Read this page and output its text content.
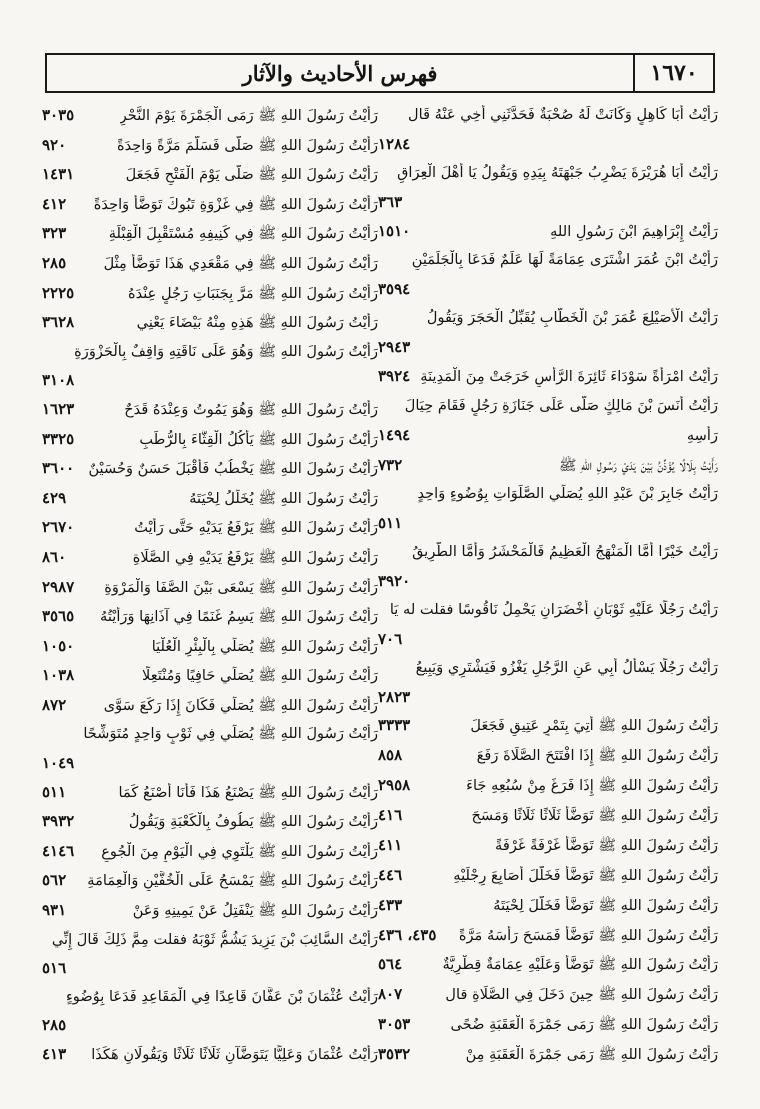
١٦٧٠
فهرس الأحاديث والآثار
رَأَيْتُ أَبَا كَاهِلٍ وَكَانَتْ لَهُ صُحْبَةٌ فَحَدَّثَنِي أَخِي عَنْهُ قَال
١٢٨٤
رَأَيْتُ أَبَا هُرَيْرَةَ يَضْرِبُ جَبْهَتَهُ بِيَدِهِ وَيَقُولُ يَا أَهْلَ الْعِرَاقِ
٣٦٣
رَأَيْتُ إِبْرَاهِيمَ ابْنَ رَسُولِ اللهِ
١٥١٠
رَأَيْتُ ابْنَ عُمَرَ اشْتَرَى عِمَامَةً لَهَا عَلَمٌ فَدَعَا بِالْجَلَمَيْنِ
٣٥٩٤
رَأَيْتُ الْأُصَيْلِعَ عُمَرَ بْنَ الْخَطَّابِ يُقَبِّلُ الْحَجَرَ وَيَقُولُ
٢٩٤٣
رَأَيْتُ امْرَأَةً سَوْدَاءَ ثَائِرَةَ الرَّأْسِ خَرَجَتْ مِنَ الْمَدِينَةِ
٣٩٢٤
رَأَيْتُ أَنَسَ بْنَ مَالِكٍ صَلَّى عَلَى جَنَازَةِ رَجُلٍ فَقَامَ حِيَالَ
رَأْسِهِ
١٤٩٤
رَأَيْتُ بِلَالًا يُؤَذِّنُ بَيْنَ يَدَيْ رَسُولِ اللهِ ﷺ
٧٣٢
رَأَيْتُ جَابِرَ بْنَ عَبْدِ اللهِ يُصَلِّي الصَّلَوَاتِ بِوُضُوءٍ وَاحِدٍ
٥١١
رَأَيْتُ خَيْرًا أَمَّا الْمَنْهَجُ الْعَظِيمُ فَالْمَحْشَرُ وَأَمَّا الطَّرِيقُ
٣٩٢٠
رَأَيْتُ رَجُلًا عَلَيْهِ ثَوْبَانِ أَخْضَرَانِ يَحْمِلُ نَاقُوسًا فقلت له يَا
٧٠٦
رَأَيْتُ رَجُلًا يَسْأَلُ أَبِي عَنِ الرَّجُلِ يَغْزُو فَيَشْتَرِي وَيَبِيعُ
٢٨٢٣
رَأَيْتُ رَسُولَ اللهِ ﷺ أُتِيَ بِتَمْرٍ عَتِيقٍ فَجَعَلَ
٣٣٣٣
رَأَيْتُ رَسُولَ اللهِ ﷺ إِذَا افْتَتَحَ الصَّلَاةَ رَفَعَ
٨٥٨
رَأَيْتُ رَسُولَ اللهِ ﷺ إِذَا فَرَغَ مِنْ سُبُعِهِ جَاءَ
٢٩٥٨
رَأَيْتُ رَسُولَ اللهِ ﷺ تَوَضَّأَ ثَلَاثًا ثَلَاثًا وَمَسَحَ
٤١٦
رَأَيْتُ رَسُولَ اللهِ ﷺ تَوَضَّأَ غَرْفَةً غَرْفَةً
٤١١
رَأَيْتُ رَسُولَ اللهِ ﷺ تَوَضَّأَ فَخَلَّلَ أَصَابِعَ رِجْلَيْهِ
٤٤٦
رَأَيْتُ رَسُولَ اللهِ ﷺ تَوَضَّأَ فَخَلَّلَ لِحْيَتَهُ
٤٣٣
رَأَيْتُ رَسُولَ اللهِ ﷺ تَوَضَّأَ فَمَسَحَ رَأْسَهُ مَرَّةً
٤٣٥، ٤٣٦
رَأَيْتُ رَسُولَ اللهِ ﷺ تَوَضَّأَ وَعَلَيْهِ عِمَامَةٌ قِطْرِيَّةٌ
٥٦٤
رَأَيْتُ رَسُولَ اللهِ ﷺ حِينَ دَخَلَ فِي الصَّلَاةِ قال
٨٠٧
رَأَيْتُ رَسُولَ اللهِ ﷺ رَمَى جَمْرَةَ الْعَقَبَةِ ضُحًى
٣٠٥٣
رَأَيْتُ رَسُولَ اللهِ ﷺ رَمَى جَمْرَةَ الْعَقَبَةِ مِنْ
٣٥٣٢
رَأَيْتُ رَسُولَ اللهِ ﷺ رَمَى الْجَمْرَةَ يَوْمَ النَّحْرِ
٣٠٣٥
رَأَيْتُ رَسُولَ اللهِ ﷺ صَلَّى فَسَلَّمَ مَرَّةً وَاحِدَةً
٩٢٠
رَأَيْتُ رَسُولَ اللهِ ﷺ صَلَّى يَوْمَ الْفَتْحِ فَجَعَلَ
١٤٣١
رَأَيْتُ رَسُولَ اللهِ ﷺ فِي غَزْوَةِ تَبُوكَ تَوَضَّأَ وَاحِدَةً
٤١٢
رَأَيْتُ رَسُولَ اللهِ ﷺ فِي كَنِيفِهِ مُسْتَقْبِلَ الْقِبْلَةِ
٣٢٣
رَأَيْتُ رَسُولَ اللهِ ﷺ فِي مَقْعَدِي هَذَا تَوَضَّأَ مِثْلَ
٢٨٥
رَأَيْتُ رَسُولَ اللهِ ﷺ مَرَّ بِجَنَبَاتِ رَجُلٍ عِنْدَهُ
٢٢٢٥
رَأَيْتُ رَسُولَ اللهِ ﷺ هَذِهِ مِنْهُ بَيْضَاءَ يَعْنِي
٣٦٢٨
رَأَيْتُ رَسُولَ اللهِ ﷺ وَهُوَ عَلَى نَاقَتِهِ وَاقِفٌ بِالْحَزْوَرَةِ
٣١٠٨
رَأَيْتُ رَسُولَ اللهِ ﷺ وَهُوَ يَمُوتُ وَعِنْدَهُ قَدَحٌ
١٦٢٣
رَأَيْتُ رَسُولَ اللهِ ﷺ يَأْكُلُ الْقِثَّاءَ بِالرُّطَبِ
٣٣٢٥
رَأَيْتُ رَسُولَ اللهِ ﷺ يَخْطُبُ فَأَقْبَلَ حَسَنٌ وَحُسَيْنٌ
٣٦٠٠
رَأَيْتُ رَسُولَ اللهِ ﷺ يُخَلِّلُ لِحْيَتَهُ
٤٢٩
رَأَيْتُ رَسُولَ اللهِ ﷺ يَرْفَعُ يَدَيْهِ حَتَّى رَأَيْتُ
٢٦٧٠
رَأَيْتُ رَسُولَ اللهِ ﷺ يَرْفَعُ يَدَيْهِ فِي الصَّلَاةِ
٨٦٠
رَأَيْتُ رَسُولَ اللهِ ﷺ يَسْعَى بَيْنَ الصَّفَا وَالْمَرْوَةِ
٢٩٨٧
رَأَيْتُ رَسُولَ اللهِ ﷺ يَسِمُ غَنَمًا فِي آذَانِهَا وَرَأَيْتُهُ
٣٥٦٥
رَأَيْتُ رَسُولَ اللهِ ﷺ يُصَلِّي بِالْبِئْرِ الْعُلْيَا
١٠٥٠
رَأَيْتُ رَسُولَ اللهِ ﷺ يُصَلِّي حَافِيًا وَمُنْتَعِلًا
١٠٣٨
رَأَيْتُ رَسُولَ اللهِ ﷺ يُصَلِّي فَكَانَ إِذَا رَكَعَ سَوَّى
٨٧٢
رَأَيْتُ رَسُولَ اللهِ ﷺ يُصَلِّي فِي ثَوْبٍ وَاحِدٍ مُتَوَشِّحًا
١٠٤٩
رَأَيْتُ رَسُولَ اللهِ ﷺ يَصْنَعُ هَذَا فَأَنَا أَصْنَعُ كَمَا
٥١١
رَأَيْتُ رَسُولَ اللهِ ﷺ يَطُوفُ بِالْكَعْبَةِ وَيَقُولُ
٣٩٣٢
رَأَيْتُ رَسُولَ اللهِ ﷺ يَلْتَوِي فِي الْيَوْمِ مِنَ الْجُوعِ
٤١٤٦
رَأَيْتُ رَسُولَ اللهِ ﷺ يَمْسَحُ عَلَى الْخُفَّيْنِ وَالْعِمَامَةِ
٥٦٢
رَأَيْتُ رَسُولَ اللهِ ﷺ يَنْفَتِلُ عَنْ يَمِينِهِ وَعَنْ
٩٣١
رَأَيْتُ السَّائِبَ بْنَ يَزِيدَ يَشُمُّ ثَوْبَهُ فقلت مِمَّ ذَلِكَ قَالَ إِنِّي
٥١٦
رَأَيْتُ عُثْمَانَ بْنَ عَفَّانَ قَاعِدًا فِي الْمَقَاعِدِ فَدَعَا بِوُضُوءٍ
٢٨٥
رَأَيْتُ عُثْمَانَ وَعَلِيًّا يَتَوَضَّآنِ ثَلَاثًا ثَلَاثًا وَيَقُولَانِ هَكَذَا
٤١٣
